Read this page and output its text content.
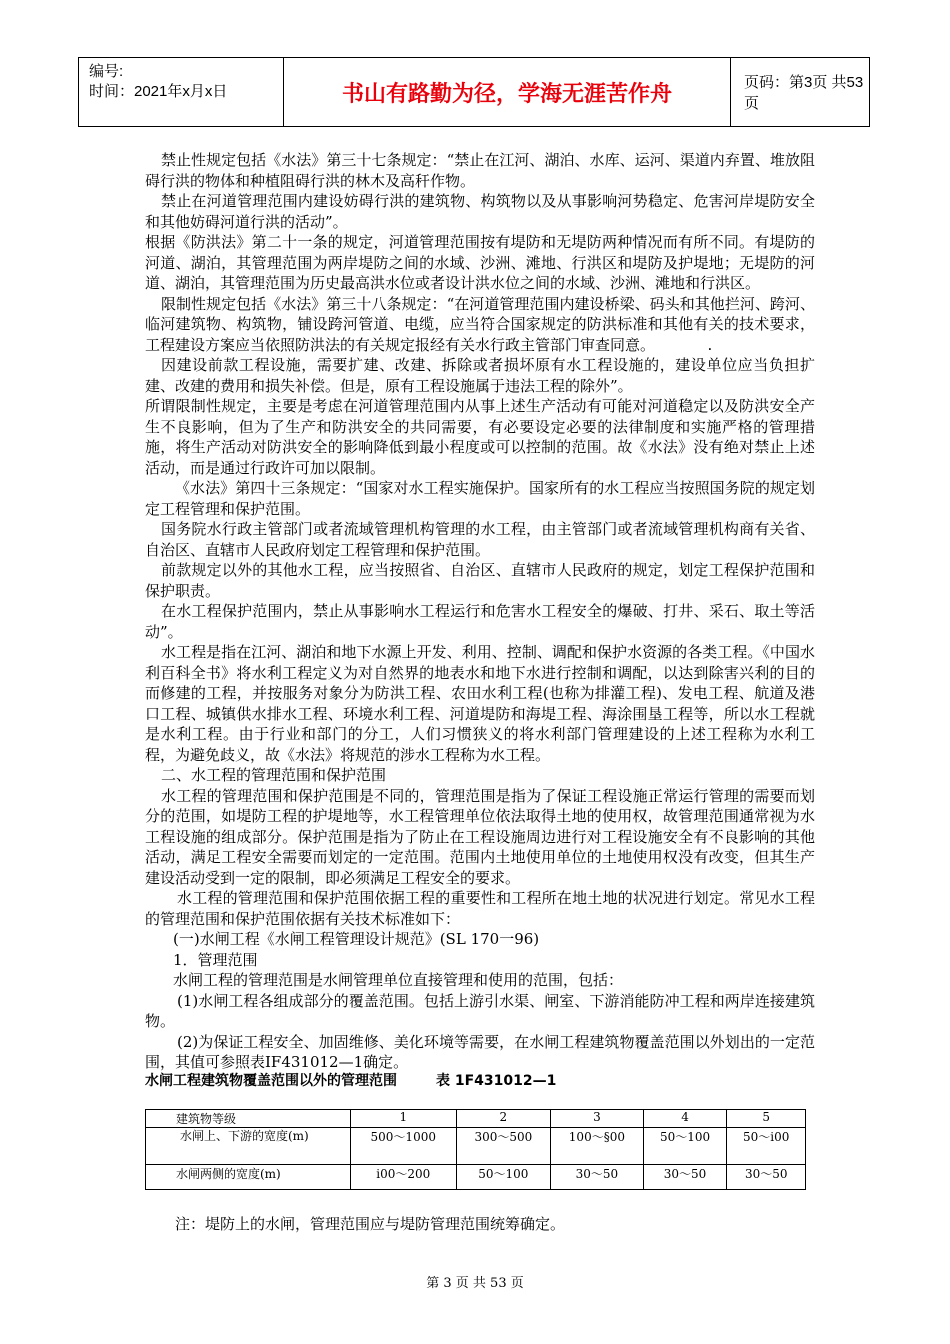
编号:
时间：2021年x月x日	书山有路勤为径，学海无涯苦作舟	页码：第3页 共53页

禁止性规定包括《水法》第三十七条规定：“禁止在江河、湖泊、水库、运河、渠道内弃置、堆放阻碍行洪的物体和种植阻碍行洪的林木及高秆作物。

禁止在河道管理范围内建设妨碍行洪的建筑物、构筑物以及从事影响河势稳定、危害河岸堤防安全和其他妨碍河道行洪的活动”。

根据《防洪法》第二十一条的规定，河道管理范围按有堤防和无堤防两种情况而有所不同。有堤防的河道、湖泊，其管理范围为两岸堤防之间的水域、沙洲、滩地、行洪区和堤防及护堤地；无堤防的河道、湖泊，其管理范围为历史最高洪水位或者设计洪水位之间的水域、沙洲、滩地和行洪区。

限制性规定包括《水法》第三十八条规定：“在河道管理范围内建设桥梁、码头和其他拦河、跨河、临河建筑物、构筑物，铺设跨河管道、电缆，应当符合国家规定的防洪标准和其他有关的技术要求，工程建设方案应当依照防洪法的有关规定报经有关水行政主管部门审查同意。　　　　.

因建设前款工程设施，需要扩建、改建、拆除或者损坏原有水工程设施的，建设单位应当负担扩建、改建的费用和损失补偿。但是，原有工程设施属于违法工程的除外”。

所谓限制性规定，主要是考虑在河道管理范围内从事上述生产活动有可能对河道稳定以及防洪安全产生不良影响，但为了生产和防洪安全的共同需要，有必要设定必要的法律制度和实施严格的管理措施，将生产活动对防洪安全的影响降低到最小程度或可以控制的范围。故《水法》没有绝对禁止上述活动，而是通过行政许可加以限制。

《水法》第四十三条规定：“国家对水工程实施保护。国家所有的水工程应当按照国务院的规定划定工程管理和保护范围。

国务院水行政主管部门或者流域管理机构管理的水工程，由主管部门或者流域管理机构商有关省、自治区、直辖市人民政府划定工程管理和保护范围。

前款规定以外的其他水工程，应当按照省、自治区、直辖市人民政府的规定，划定工程保护范围和保护职责。

在水工程保护范围内，禁止从事影响水工程运行和危害水工程安全的爆破、打井、采石、取土等活动”。

水工程是指在江河、湖泊和地下水源上开发、利用、控制、调配和保护水资源的各类工程。《中国水利百科全书》将水利工程定义为对自然界的地表水和地下水进行控制和调配，以达到除害兴利的目的而修建的工程，并按服务对象分为防洪工程、农田水利工程(也称为排灌工程)、发电工程、航道及港口工程、城镇供水排水工程、环境水利工程、河道堤防和海堤工程、海涂围垦工程等，所以水工程就是水利工程。由于行业和部门的分工，人们习惯狭义的将水利部门管理建设的上述工程称为水利工程，为避免歧义，故《水法》将规范的涉水工程称为水工程。

二、水工程的管理范围和保护范围

水工程的管理范围和保护范围是不同的，管理范围是指为了保证工程设施正常运行管理的需要而划分的范围，如堤防工程的护堤地等，水工程管理单位依法取得土地的使用权，故管理范围通常视为水工程设施的组成部分。保护范围是指为了防止在工程设施周边进行对工程设施安全有不良影响的其他活动，满足工程安全需要而划定的一定范围。范围内土地使用单位的土地使用权没有改变，但其生产建设活动受到一定的限制，即必须满足工程安全的要求。

水工程的管理范围和保护范围依据工程的重要性和工程所在地土地的状况进行划定。常见水工程的管理范围和保护范围依据有关技术标准如下：

(一)水闸工程《水闸工程管理设计规范》(SL 170一96)

1．管理范围

水闸工程的管理范围是水闸管理单位直接管理和使用的范围，包括：

(1)水闸工程各组成部分的覆盖范围。包括上游引水渠、闸室、下游消能防冲工程和两岸连接建筑物。

(2)为保证工程安全、加固维修、美化环境等需要，在水闸工程建筑物覆盖范围以外划出的一定范围，其值可参照表IF431012—1确定。

水闸工程建筑物覆盖范围以外的管理范围	表 1F431012—1

建筑物等级	1	2	3	4	5
水闸上、下游的宽度(m)	500～1000	300～500	100～§00	50～100	50～i00
水闸两侧的宽度(m)	i00～200	50～100	30～50	30～50	30～50
注：堤防上的水闸，管理范围应与堤防管理范围统筹确定。
第 3 页 共 53 页
